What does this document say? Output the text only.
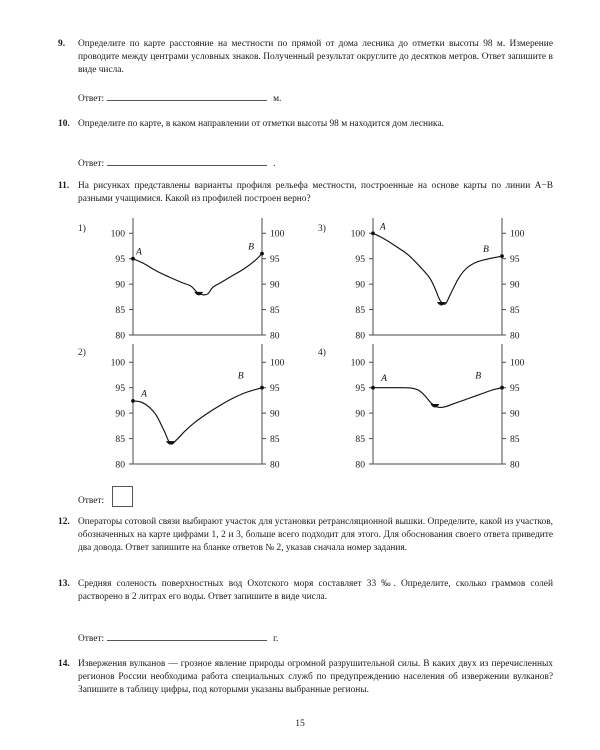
9.	Определите по карте расстояние на местности по прямой от дома лесника до отметки высоты 98 м. Измерение проводите между центрами условных знаков. Полученный результат округлите до десятков метров. Ответ запишите в виде числа.
Ответ:	м.
10. Определите по карте, в каком направлении от отметки высоты 98 м находится дом лесника.
Ответ:	.
11. На рисунках представлены варианты профиля рельефа местности, построенные на основе карты по линии A−B разными учащимися. Какой из профилей построен верно?
1)
80	80
85	85
90	90
95	95
100	100
A	B
3)
80	80
85	85
90	90
95	95
100	100
A
B
2)
80	80
85	85
90	90
95	95
100	100
A
B
4)
80	80
85	85
90	90
95	95
100	100
A	B
Ответ:
12. Операторы сотовой связи выбирают участок для установки ретрансляционной вышки. Определите, какой из участков, обозначенных на карте цифрами 1, 2 и 3, больше всего подходит для этого. Для обоснования своего ответа приведите два довода. Ответ запишите на бланке ответов № 2, указав сначала номер задания.
13. Средняя соленость поверхностных вод Охотского моря составляет 33 ‰. Определите, сколько граммов солей растворено в 2 литрах его воды. Ответ запишите в виде числа.
Ответ:	г.
14. Извержения вулканов — грозное явление природы огромной разрушительной силы. В каких двух из перечисленных регионов России необходима работа специальных служб по предупреждению населения об извержении вулканов? Запишите в таблицу цифры, под которыми указаны выбранные регионы.
15
